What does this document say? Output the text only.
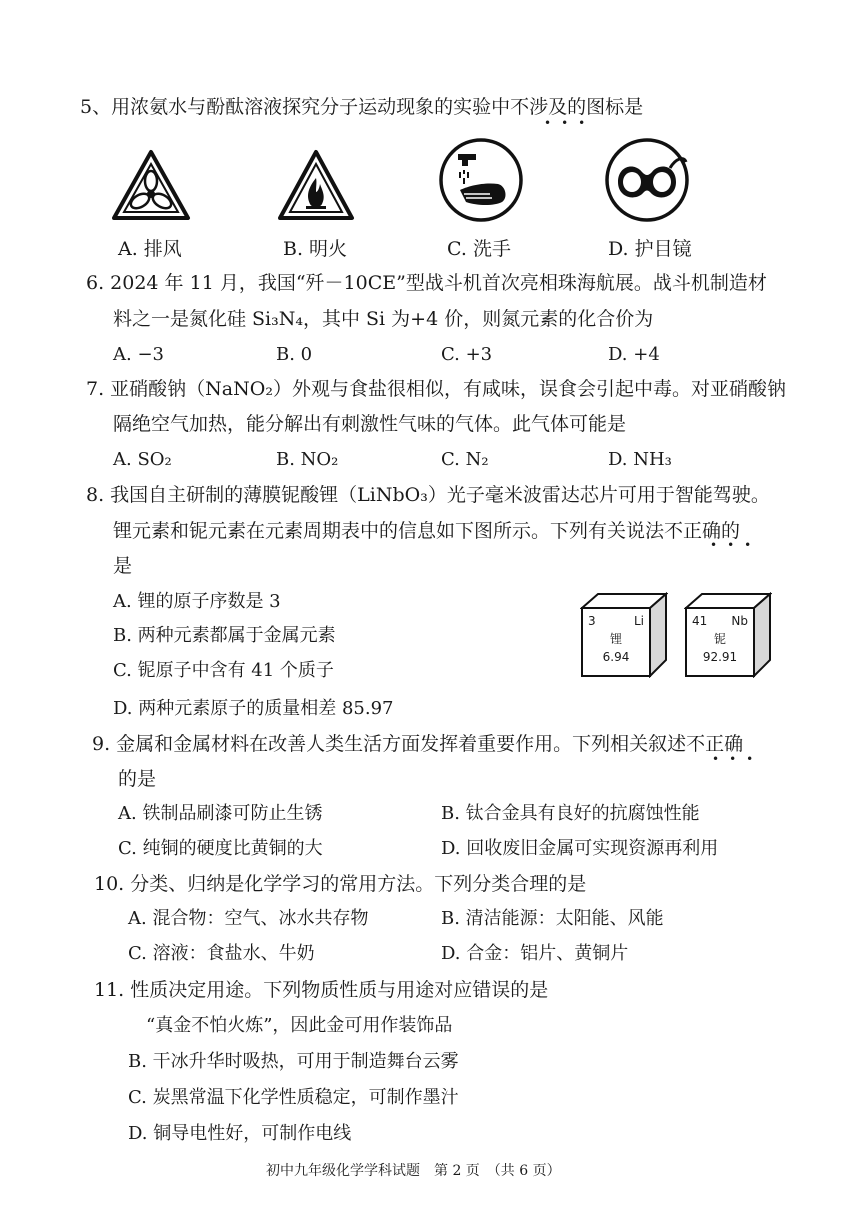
5、用浓氨水与酚酞溶液探究分子运动现象的实验中不涉及的图标是
•••
A. 排风	B. 明火	C. 洗手	D. 护目镜
6. 2024 年 11 月，我国“歼－10CE”型战斗机首次亮相珠海航展。战斗机制造材
料之一是氮化硅 Si₃N₄，其中 Si 为+4 价，则氮元素的化合价为
A. −3	B. 0	C. +3	D. +4
7. 亚硝酸钠（NaNO₂）外观与食盐很相似，有咸味，误食会引起中毒。对亚硝酸钠
隔绝空气加热，能分解出有刺激性气味的气体。此气体可能是
A. SO₂	B. NO₂	C. N₂	D. NH₃
8. 我国自主研制的薄膜铌酸锂（LiNbO₃）光子毫米波雷达芯片可用于智能驾驶。
锂元素和铌元素在元素周期表中的信息如下图所示。下列有关说法不正确的
•••
是
A. 锂的原子序数是 3
B. 两种元素都属于金属元素
C. 铌原子中含有 41 个质子
D. 两种元素原子的质量相差 85.97
3	Li
锂
6.94
41 Nb
铌
92.91
9. 金属和金属材料在改善人类生活方面发挥着重要作用。下列相关叙述不正确
•••
的是
A. 铁制品刷漆可防止生锈	B. 钛合金具有良好的抗腐蚀性能
C. 纯铜的硬度比黄铜的大	D. 回收废旧金属可实现资源再利用
10. 分类、归纳是化学学习的常用方法。下列分类合理的是
A. 混合物：空气、冰水共存物	B. 清洁能源：太阳能、风能
C. 溶液：食盐水、牛奶	D. 合金：铝片、黄铜片
11. 性质决定用途。下列物质性质与用途对应错误的是
“真金不怕火炼”，因此金可用作装饰品
B. 干冰升华时吸热，可用于制造舞台云雾
C. 炭黑常温下化学性质稳定，可制作墨汁
D. 铜导电性好，可制作电线
初中九年级化学学科试题　第 2 页　（共 6 页）
